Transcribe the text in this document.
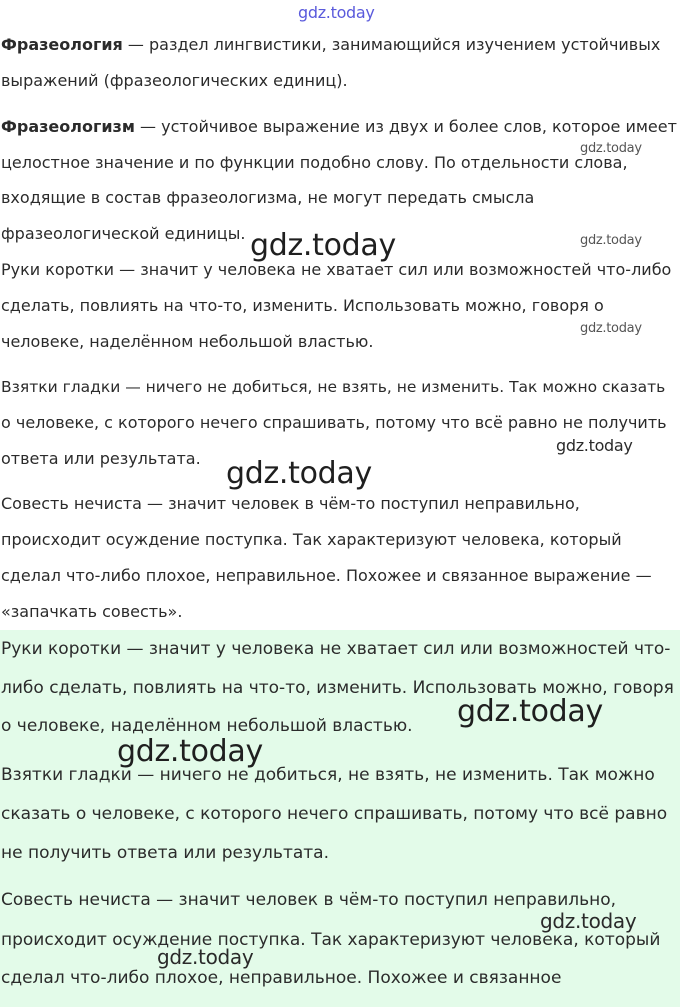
Фразеология — раздел лингвистики, занимающийся изучением устойчивых
выражений (фразеологических единиц).
Фразеологизм — устойчивое выражение из двух и более слов, которое имеет
целостное значение и по функции подобно слову. По отдельности слова,
входящие в состав фразеологизма, не могут передать смысла
фразеологической единицы.
Руки коротки — значит у человека не хватает сил или возможностей что-либо
сделать, повлиять на что-то, изменить. Использовать можно, говоря о
человеке, наделённом небольшой властью.
Взятки гладки — ничего не добиться, не взять, не изменить. Так можно сказать
о человеке, с которого нечего спрашивать, потому что всё равно не получить
ответа или результата.
Совесть нечиста — значит человек в чём-то поступил неправильно,
происходит осуждение поступка. Так характеризуют человека, который
сделал что-либо плохое, неправильное. Похожее и связанное выражение —
«запачкать совесть».
Руки коротки — значит у человека не хватает сил или возможностей что-
либо сделать, повлиять на что-то, изменить. Использовать можно, говоря
о человеке, наделённом небольшой властью.
Взятки гладки — ничего не добиться, не взять, не изменить. Так можно
сказать о человеке, с которого нечего спрашивать, потому что всё равно
не получить ответа или результата.
Совесть нечиста — значит человек в чём-то поступил неправильно,
происходит осуждение поступка. Так характеризуют человека, который
сделал что-либо плохое, неправильное. Похожее и связанное
gdz.today
gdz.today
gdz.today	gdz.today
gdz.today
gdz.today
gdz.today
gdz.today
gdz.today
gdz.today
gdz.today
